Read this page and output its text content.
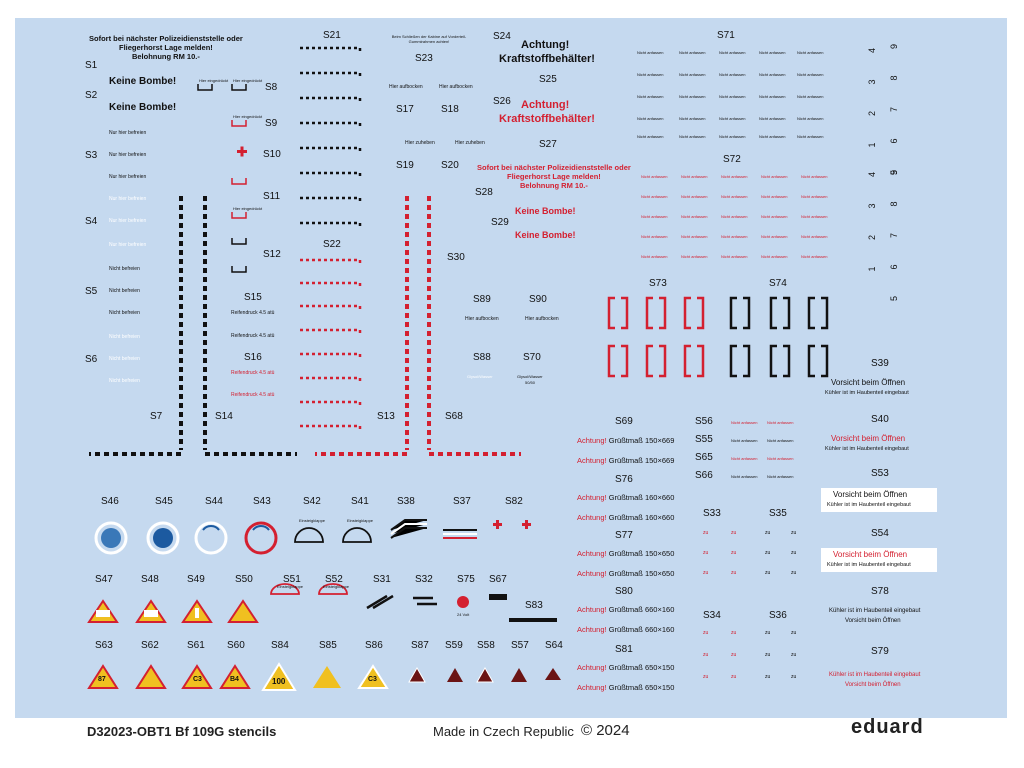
S1
S2
S3
S4
S5
S6
S7
S8
S9
S10
S11
S12
S13
S14
S15
S16
S17	S18
S19	S20
S21
S22
S23
S24
S25
S26
S27
S28
S29
S30
Sofort bei nächster Polizeidienststelle oder
Fliegerhorst Lage melden!
Belohnung RM 10.-
Keine Bombe!
Keine Bombe!
Nur hier befreien
Nur hier befreien
Nur hier befreien
Nur hier befreien
Nur hier befreien
Nur hier befreien
Nicht befreien
Nicht befreien
Nicht befreien
Nicht befreien
Nicht befreien
Nicht befreien
Hier eingedrückt Hier eingedrückt
Hier eingedrückt
Hier eingedrückt
Reifendruck 4.5 atü
Reifendruck 4.5 atü
Reifendruck 4.5 atü
Reifendruck 4.5 atü
Beim Schließen der Kabine auf Vorderteil-Gummirahmen achten!
Hier aufbocken	Hier aufbocken
Hier zuheben	Hier zuheben
Achtung!
Kraftstoffbehälter!
Achtung!
Kraftstoffbehälter!
Sofort bei nächster Polizeidienststelle oder
Fliegerhorst Lage melden!
Belohnung RM 10.-
Keine Bombe!
Keine Bombe!
S89	S90
Hier aufbocken	Hier aufbocken
S88	S70
Glysol/Wasser	Glysol/Wasser
50/50
S68
S71
S72
Nicht anfassen	Nicht anfassen	Nicht anfassen	Nicht anfassen	Nicht anfassen
Nicht anfassen	Nicht anfassen	Nicht anfassen	Nicht anfassen	Nicht anfassen
Nicht anfassen	Nicht anfassen	Nicht anfassen	Nicht anfassen	Nicht anfassen
Nicht anfassen	Nicht anfassen	Nicht anfassen	Nicht anfassen	Nicht anfassen
Nicht anfassen	Nicht anfassen	Nicht anfassen	Nicht anfassen	Nicht anfassen
Nicht anfassen	Nicht anfassen	Nicht anfassen	Nicht anfassen	Nicht anfassen
Nicht anfassen	Nicht anfassen	Nicht anfassen	Nicht anfassen	Nicht anfassen
Nicht anfassen	Nicht anfassen	Nicht anfassen	Nicht anfassen	Nicht anfassen
Nicht anfassen	Nicht anfassen	Nicht anfassen	Nicht anfassen	Nicht anfassen
Nicht anfassen	Nicht anfassen	Nicht anfassen	Nicht anfassen	Nicht anfassen
1 2 3 4 5 6 7 8 9
1 2 3 4 5 6 7 8 9
S73	S74
S39
Vorsicht beim Öffnen
Kühler ist im Haubenteil eingebaut
S40
Vorsicht beim Öffnen
Kühler ist im Haubenteil eingebaut
S53
Vorsicht beim Öffnen
Kühler ist im Haubenteil eingebaut
S54
Vorsicht beim Öffnen
Kühler ist im Haubenteil eingebaut
S78
Kühler ist im Haubenteil eingebaut
Vorsicht beim Öffnen
S79
Kühler ist im Haubenteil eingebaut
Vorsicht beim Öffnen
S69	S56
S55
S65
S66
Nicht anfassen Nicht anfassen
Nicht anfassen Nicht anfassen
Nicht anfassen Nicht anfassen
Nicht anfassen Nicht anfassen
Achtung! Grüßtmaß 150×669
Achtung! Grüßtmaß 150×669
S76
Achtung! Grüßtmaß 160×660
Achtung! Grüßtmaß 160×660
S77
Achtung! Grüßtmaß 150×650
Achtung! Grüßtmaß 150×650
S80
Achtung! Grüßtmaß 660×160
Achtung! Grüßtmaß 660×160
S81
Achtung! Grüßtmaß 650×150
Achtung! Grüßtmaß 650×150
S33	S35
S34	S36
zu	zu	zu	zu
zu	zu	zu	zu
zu	zu	zu	zu
zu	zu	zu	zu
zu	zu	zu	zu
zu	zu	zu	zu
S46	S45	S44	S43	S42	S41	S38	S37	S82
Einsteigklappe	Einsteigklappe
S47	S48	S49	S50	S51 S52	S31 S32 S75 S67
S83
Einsteigklappe	Einsteigklappe
24 Volt
S63	S62	S61 S60	S84	S85	S86	S87 S59 S58 S57 S64
87	C3	B4	100	C3
D32023-OBT1 Bf 109G stencils	Made in Czech Republic © 2024	eduard
